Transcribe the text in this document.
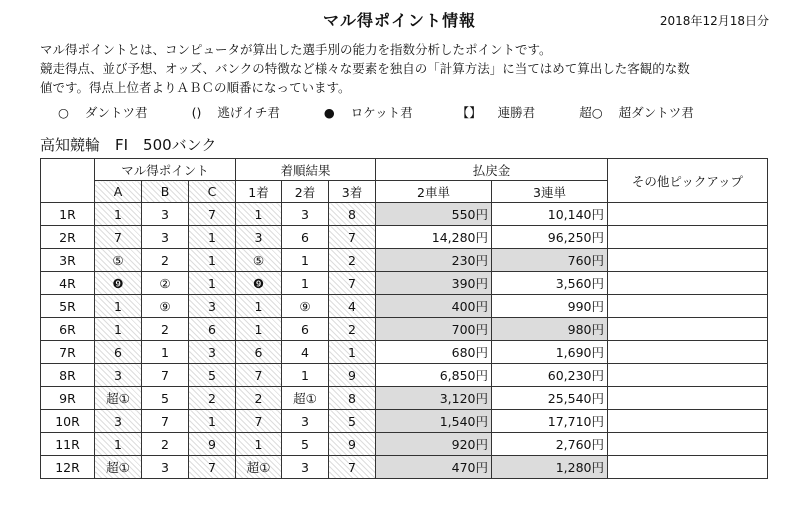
マル得ポイント情報	2018年12月18日分
マル得ポイントとは、コンピュータが算出した選手別の能力を指数分析したポイントです。
競走得点、並び予想、オッズ、バンクの特徴など様々な要素を独自の「計算方法」に当てはめて算出した客観的な数
値です。得点上位者よりＡＢＣの順番になっています。
○ ダントツ君	() 逃げイチ君	● ロケット君	【】 連勝君	超○ 超ダントツ君
高知競輪　FI　500バンク
	マル得ポイント			着順結果			払戻金		その他ピックアップ
	A	B	C	1着	2着	3着	2車単	3連単	
1R	1	3	7	1	3	8	550円	10,140円	
2R	7	3	1	3	6	7	14,280円	96,250円	
3R	⑤	2	1	⑤	1	2	230円	760円	
4R	❾	②	1	❾	1	7	390円	3,560円	
5R	1	⑨	3	1	⑨	4	400円	990円	
6R	1	2	6	1	6	2	700円	980円	
7R	6	1	3	6	4	1	680円	1,690円	
8R	3	7	5	7	1	9	6,850円	60,230円	
9R	超①	5	2	2	超①	8	3,120円	25,540円	
10R	3	7	1	7	3	5	1,540円	17,710円	
11R	1	2	9	1	5	9	920円	2,760円	
12R	超①	3	7	超①	3	7	470円	1,280円	
